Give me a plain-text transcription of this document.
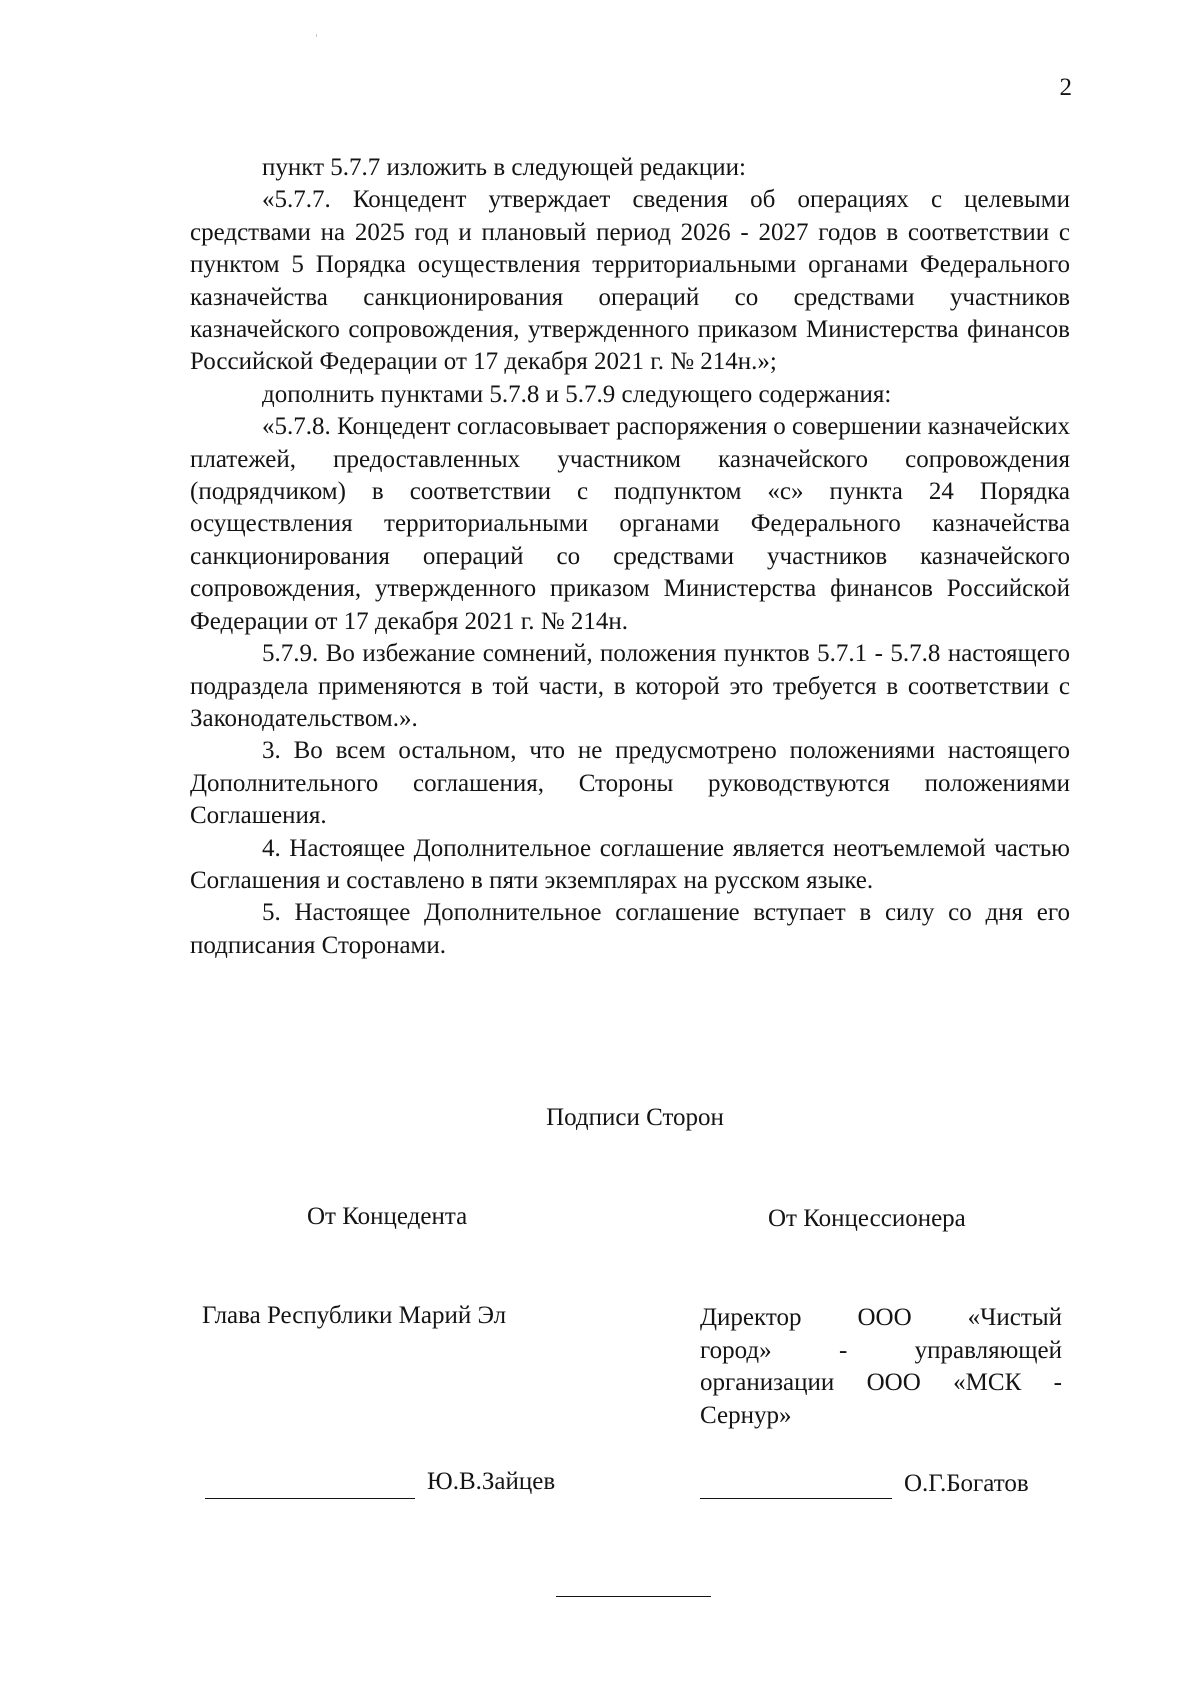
2

пункт 5.7.7 изложить в следующей редакции:

«5.7.7. Концедент утверждает сведения об операциях с целевыми средствами на 2025 год и плановый период 2026 - 2027 годов в соответствии с пунктом 5 Порядка осуществления территориальными органами Федерального казначейства санкционирования операций со средствами участников казначейского сопровождения, утвержденного приказом Министерства финансов Российской Федерации от 17 декабря 2021 г. № 214н.»;

дополнить пунктами 5.7.8 и 5.7.9 следующего содержания:

«5.7.8. Концедент согласовывает распоряжения о совершении казначейских платежей, предоставленных участником казначейского сопровождения (подрядчиком) в соответствии с подпунктом «с» пункта 24 Порядка осуществления территориальными органами Федерального казначейства санкционирования операций со средствами участников казначейского сопровождения, утвержденного приказом Министерства финансов Российской Федерации от 17 декабря 2021 г. № 214н.

5.7.9. Во избежание сомнений, положения пунктов 5.7.1 - 5.7.8 настоящего подраздела применяются в той части, в которой это требуется в соответствии с Законодательством.».

3. Во всем остальном, что не предусмотрено положениями настоящего Дополнительного соглашения, Стороны руководствуются положениями Соглашения.

4. Настоящее Дополнительное соглашение является неотъемлемой частью Соглашения и составлено в пяти экземплярах на русском языке.

5. Настоящее Дополнительное соглашение вступает в силу со дня его подписания Сторонами.

Подписи Сторон
От Концедента	От Концессионера
Глава Республики Марий Эл	Директор ООО «Чистый
город» - управляющей
организации ООО «МСК -
Сернур»
Ю.В.Зайцев	О.Г.Богатов
